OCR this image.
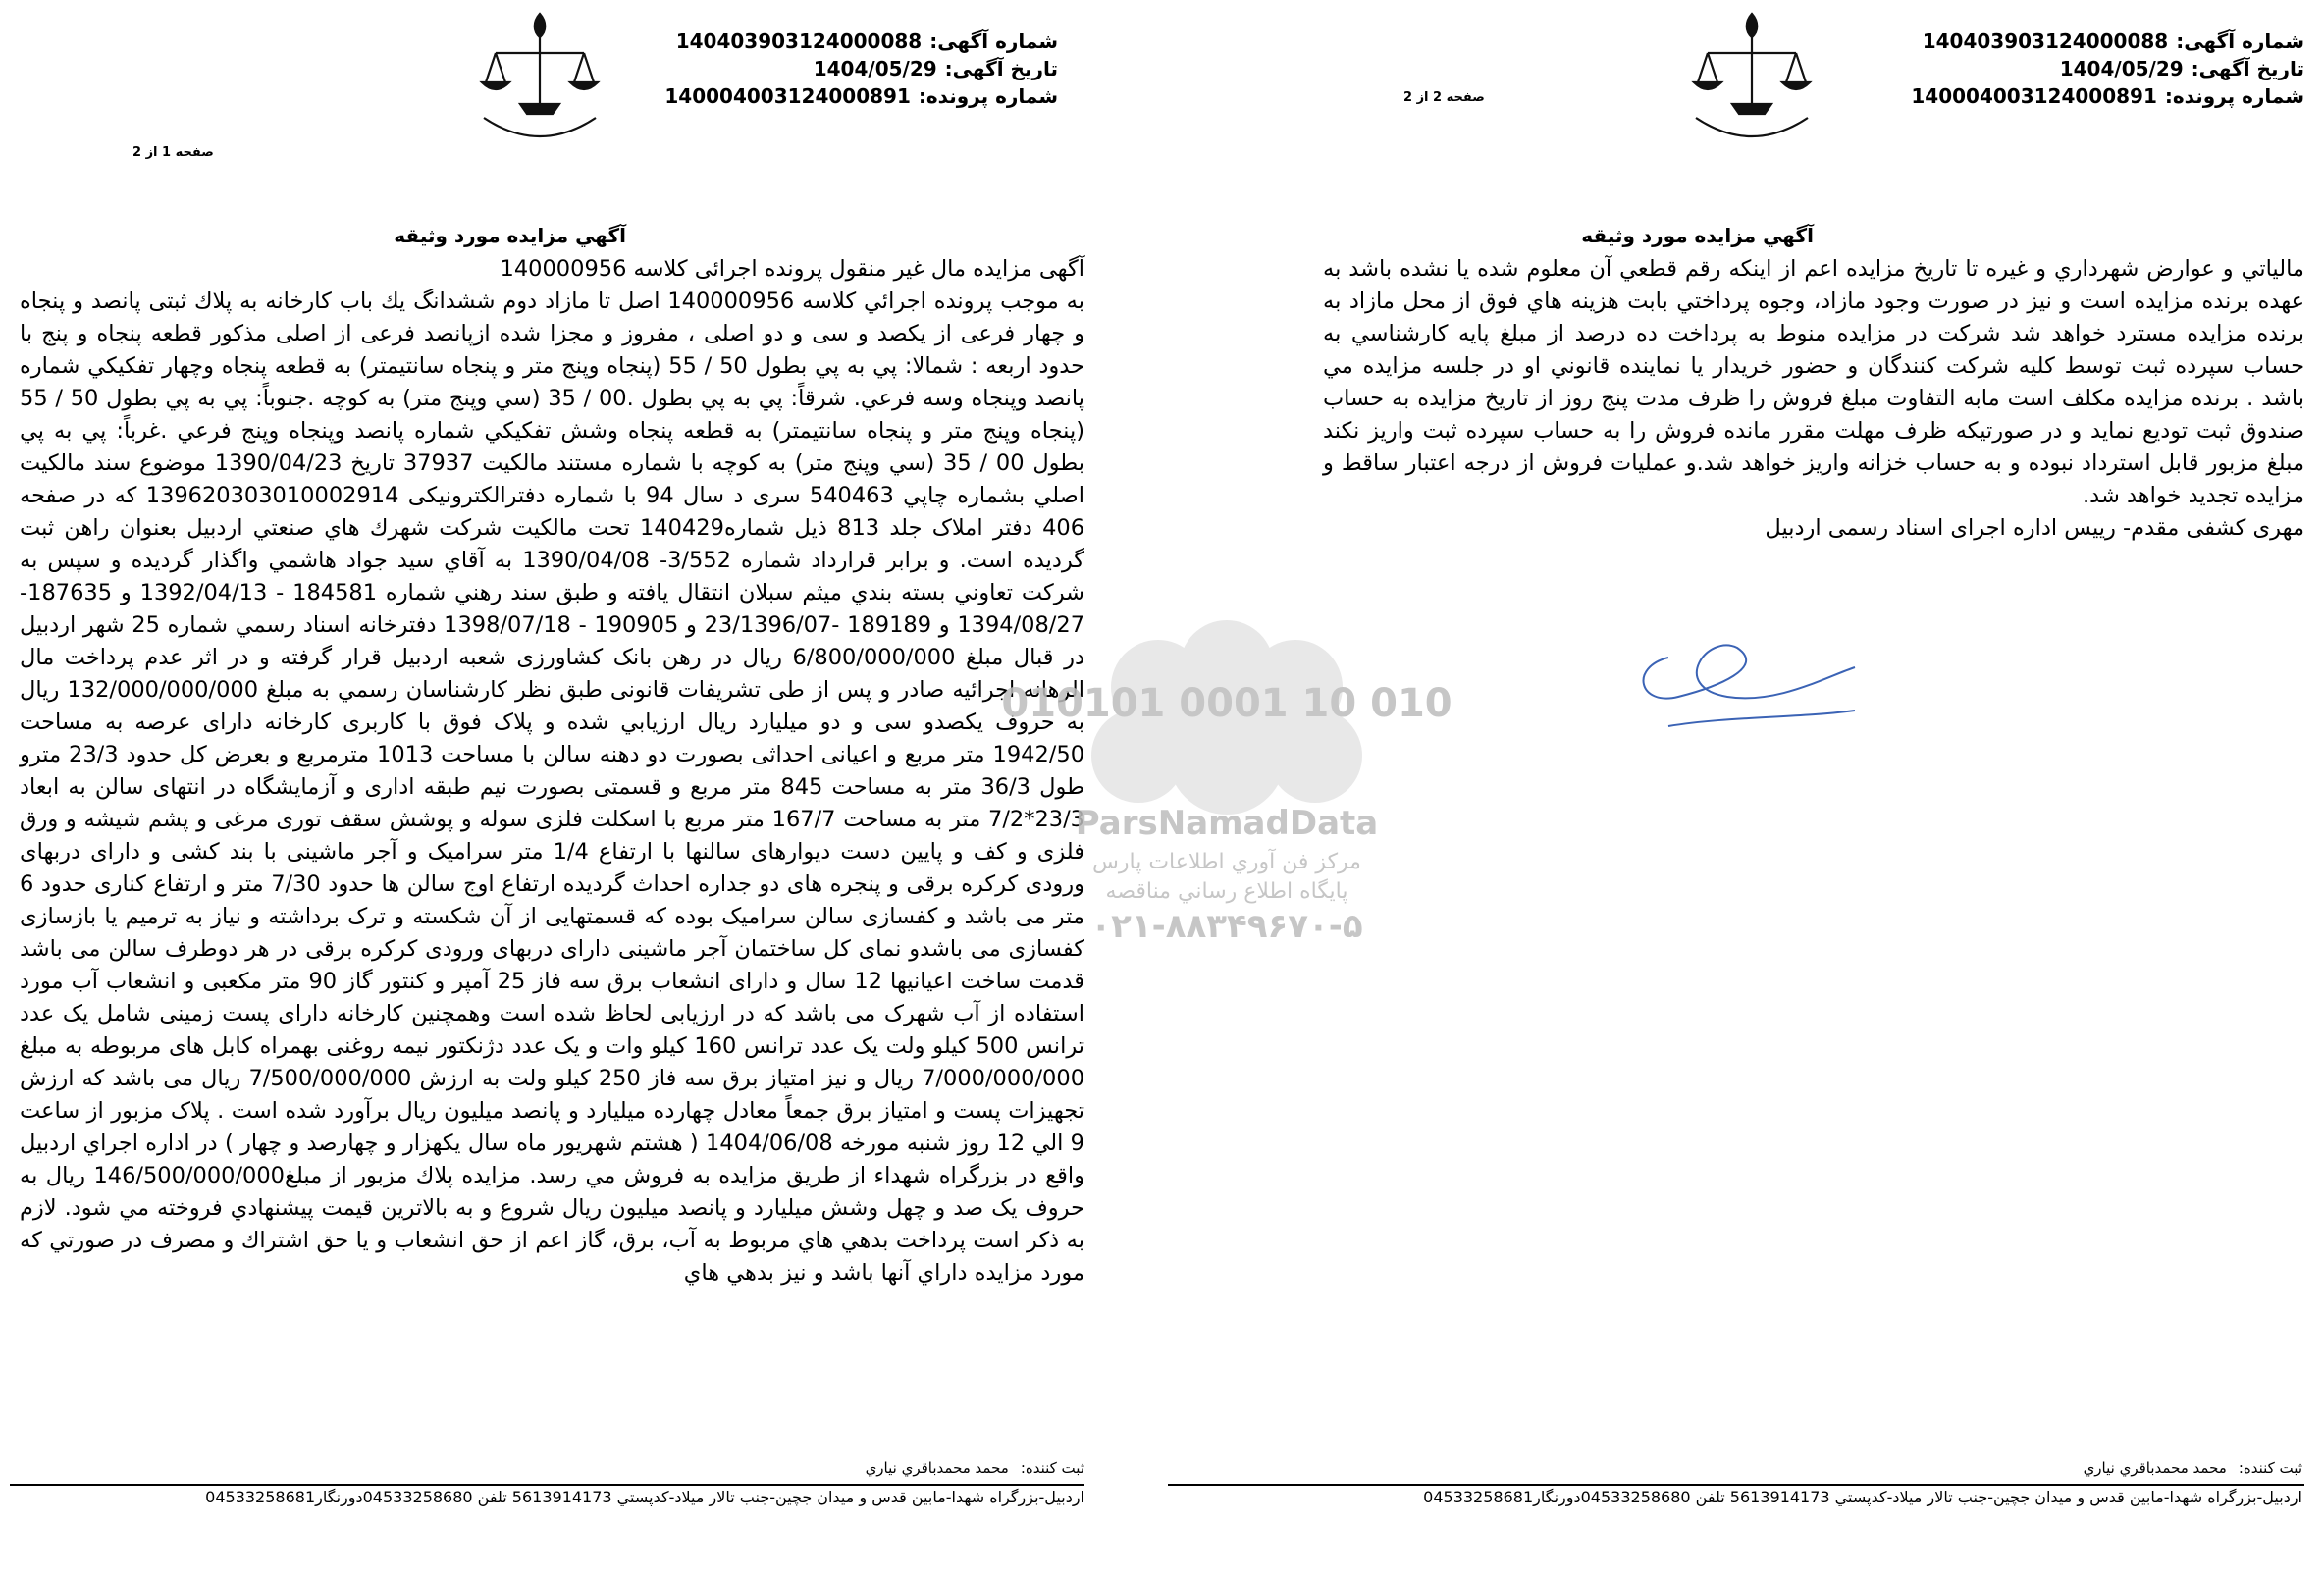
شماره آگهی:140403903124000088
تاریخ آگهی:1404/05/29
شماره پرونده:140004003124000891
صفحه 2 از 2
آگهي مزايده مورد وثيقه
مالياتي و عوارض شهرداري و غيره تا تاريخ مزايده اعم از اينكه رقم قطعي آن معلوم شده يا نشده باشد به عهده برنده مزايده است و نيز در صورت وجود مازاد، وجوه پرداختي بابت هزينه هاي فوق از محل مازاد به برنده مزايده مسترد خواهد شد شركت در مزايده منوط به پرداخت ده درصد از مبلغ پايه كارشناسي به حساب سپرده ثبت توسط كليه شركت كنندگان و حضور خريدار يا نماينده قانوني او در جلسه مزايده مي باشد . برنده مزايده مكلف است مابه التفاوت مبلغ فروش را ظرف مدت پنج روز از تاريخ مزايده به حساب صندوق ثبت توديع نمايد و در صورتيكه ظرف مهلت مقرر مانده فروش را به حساب سپرده ثبت واريز نكند مبلغ مزبور قابل استرداد نبوده و به حساب خزانه واريز خواهد شد.و عمليات فروش از درجه اعتبار ساقط و مزايده تجديد خواهد شد.
مهرى كشفى مقدم- رييس اداره اجراى اسناد رسمى اردبيل
ثبت كننده:محمد محمدباقري نياري
اردبيل-بزرگراه شهدا-مابين قدس و ميدان جچين-جنب تالار ميلاد-كدپستي 5613914173 تلفن 04533258680دورنگار04533258681
شماره آگهی:140403903124000088
تاریخ آگهی:1404/05/29
شماره پرونده:140004003124000891
صفحه 1 از 2
آگهي مزايده مورد وثيقه
آگهی مزایده مال غیر منقول پرونده اجرائی كلاسه 140000956
به موجب پرونده اجرائي كلاسه 140000956 اصل تا مازاد دوم ششدانگ يك باب كارخانه به پلاك ثبتی پانصد و پنجاه و چهار فرعی از يكصد و سی و دو اصلی ، مفروز و مجزا شده ازپانصد فرعی از اصلی مذكور قطعه پنجاه و پنج با حدود اربعه : شمالا: پي به پي بطول 50 / 55 (پنجاه وپنج متر و پنجاه سانتيمتر) به قطعه پنجاه وچهار تفكيكي شماره پانصد وپنجاه وسه فرعي. شرقاً: پي به پي بطول .00 / 35 (سي وپنج متر) به كوچه .جنوباً: پي به پي بطول 50 / 55 (پنجاه وپنج متر و پنجاه سانتيمتر) به قطعه پنجاه وشش تفكيكي شماره پانصد وپنجاه وپنج فرعي .غرباً: پي به پي بطول 00 / 35 (سي وپنج متر) به كوچه با شماره مستند مالكيت 37937 تاريخ 1390/04/23 موضوع سند مالكيت اصلي بشماره چاپي 540463 سری د سال 94 با شماره دفترالكترونيكی 139620303010002914 كه در صفحه 406 دفتر املاک جلد 813 ذيل شماره140429 تحت مالكيت شركت شهرك هاي صنعتي اردبيل بعنوان راهن ثبت گرديده است. و برابر قرارداد شماره 3/552- 1390/04/08 به آقاي سيد جواد هاشمي واگذار گرديده و سپس به شركت تعاوني بسته بندي ميثم سبلان انتقال يافته و طبق سند رهني شماره 184581 - 1392/04/13 و 187635- 1394/08/27 و 189189 -23/1396/07 و 190905 - 1398/07/18 دفترخانه اسناد رسمي شماره 25 شهر اردبيل در قبال مبلغ 6/800/000/000 ريال در رهن بانک كشاورزی شعبه اردبيل قرار گرفته و در اثر عدم پرداخت مال الرهانه اجرائيه صادر و پس از طی تشريفات قانونی طبق نظر كارشناسان رسمي به مبلغ 132/000/000/000 ريال به حروف يكصدو سی و دو ميليارد ريال ارزيابي شده و پلاک فوق با كاربری كارخانه دارای عرصه به مساحت 1942/50 متر مربع و اعيانی احداثی بصورت دو دهنه سالن با مساحت 1013 مترمربع و بعرض كل حدود 23/3 مترو طول 36/3 متر به مساحت 845 متر مربع و قسمتی بصورت نيم طبقه اداری و آزمايشگاه در انتهای سالن به ابعاد 23/3*7/2 متر به مساحت 167/7 متر مربع با اسكلت فلزی سوله و پوشش سقف توری مرغی و پشم شيشه و ورق فلزی و كف و پايين دست ديوارهای سالنها با ارتفاع 1/4 متر سراميک و آجر ماشينی با بند كشی و دارای دربهای ورودی كركره برقی و پنجره های دو جداره احداث گرديده ارتفاع اوج سالن ها حدود 7/30 متر و ارتفاع كناری حدود 6 متر می باشد و كفسازی سالن سراميک بوده كه قسمتهايی از آن شكسته و ترک برداشته و نياز به ترميم يا بازسازی كفسازی می باشدو نمای كل ساختمان آجر ماشينی دارای دربهای ورودی كركره برقی در هر دوطرف سالن می باشد قدمت ساخت اعيانيها 12 سال و دارای انشعاب برق سه فاز 25 آمپر و كنتور گاز 90 متر مكعبی و انشعاب آب مورد استفاده از آب شهرک می باشد كه در ارزيابی لحاظ شده است وهمچنين كارخانه دارای پست زمينی شامل يک عدد ترانس 500 كيلو ولت يک عدد ترانس 160 كيلو وات و يک عدد دژنكتور نيمه روغنی بهمراه كابل های مربوطه به مبلغ 7/000/000/000 ريال و نيز امتياز برق سه فاز 250 كيلو ولت به ارزش 7/500/000/000 ريال می باشد كه ارزش تجهيزات پست و امتياز برق جمعاً معادل چهارده ميليارد و پانصد ميليون ريال برآورد شده است . پلاک مزبور از ساعت 9 الي 12 روز شنبه مورخه 1404/06/08 ( هشتم شهريور ماه سال يكهزار و چهارصد و چهار ) در اداره اجراي اردبيل واقع در بزرگراه شهداء از طريق مزايده به فروش مي رسد. مزايده پلاك مزبور از مبلغ146/500/000/000 ريال به حروف يک صد و چهل وشش ميليارد و پانصد ميليون ريال شروع و به بالاترين قيمت پيشنهادي فروخته مي شود. لازم به ذكر است پرداخت بدهي هاي مربوط به آب، برق، گاز اعم از حق انشعاب و يا حق اشتراك و مصرف در صورتي كه مورد مزايده داراي آنها باشد و نيز بدهي هاي
ثبت كننده:محمد محمدباقري نياري
اردبيل-بزرگراه شهدا-مابين قدس و ميدان جچين-جنب تالار ميلاد-كدپستي 5613914173 تلفن 04533258680دورنگار04533258681
010101 0001 10 010
ParsNamadData
مركز فن آوري اطلاعات پارس
پايگاه اطلاع رساني مناقصه
۰۲۱-۸۸۳۴۹۶۷۰-۵
